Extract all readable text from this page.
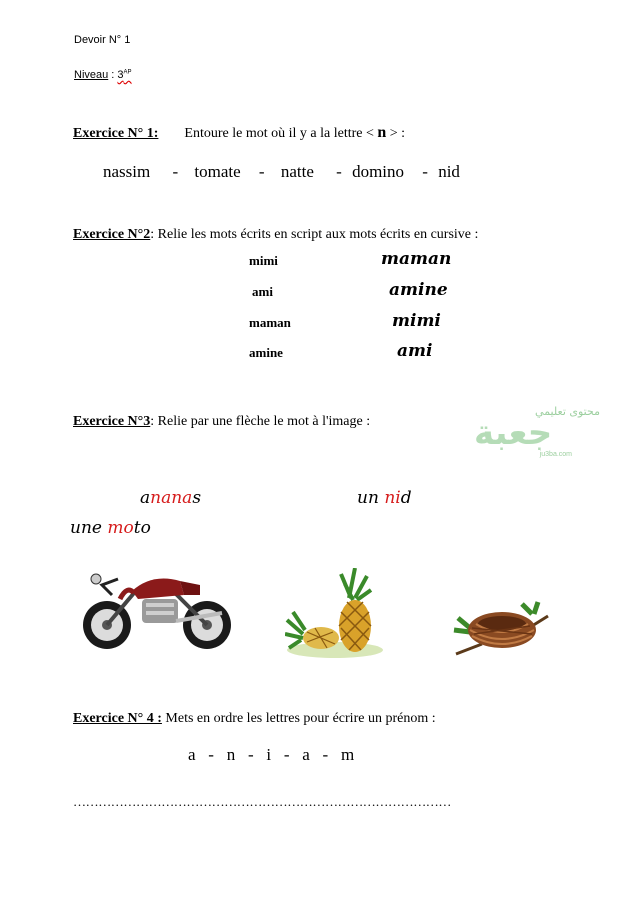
Devoir N° 1
Niveau : $3^{AP}$
Exercice N° 1: Entoure le mot où il y a la lettre < n > :
nassim - tomate - natte - domino - nid
Exercice N°2: Relie les mots écrits en script aux mots écrits en cursive :
mimi
ami
maman
amine
maman
amine
mimi
ami
Exercice N°3: Relie par une flèche le mot à l'image :
ﻣﺤﺘﻮى ﺗﻌﻠﻴﻤﻲ
جعبة
ju3ba.com
ananas	un nid
une moto
Exercice N° 4 : Mets en ordre les lettres pour écrire un prénom :
a   -   n   -   i   -   a   -   m
………………………………………………………………………………
